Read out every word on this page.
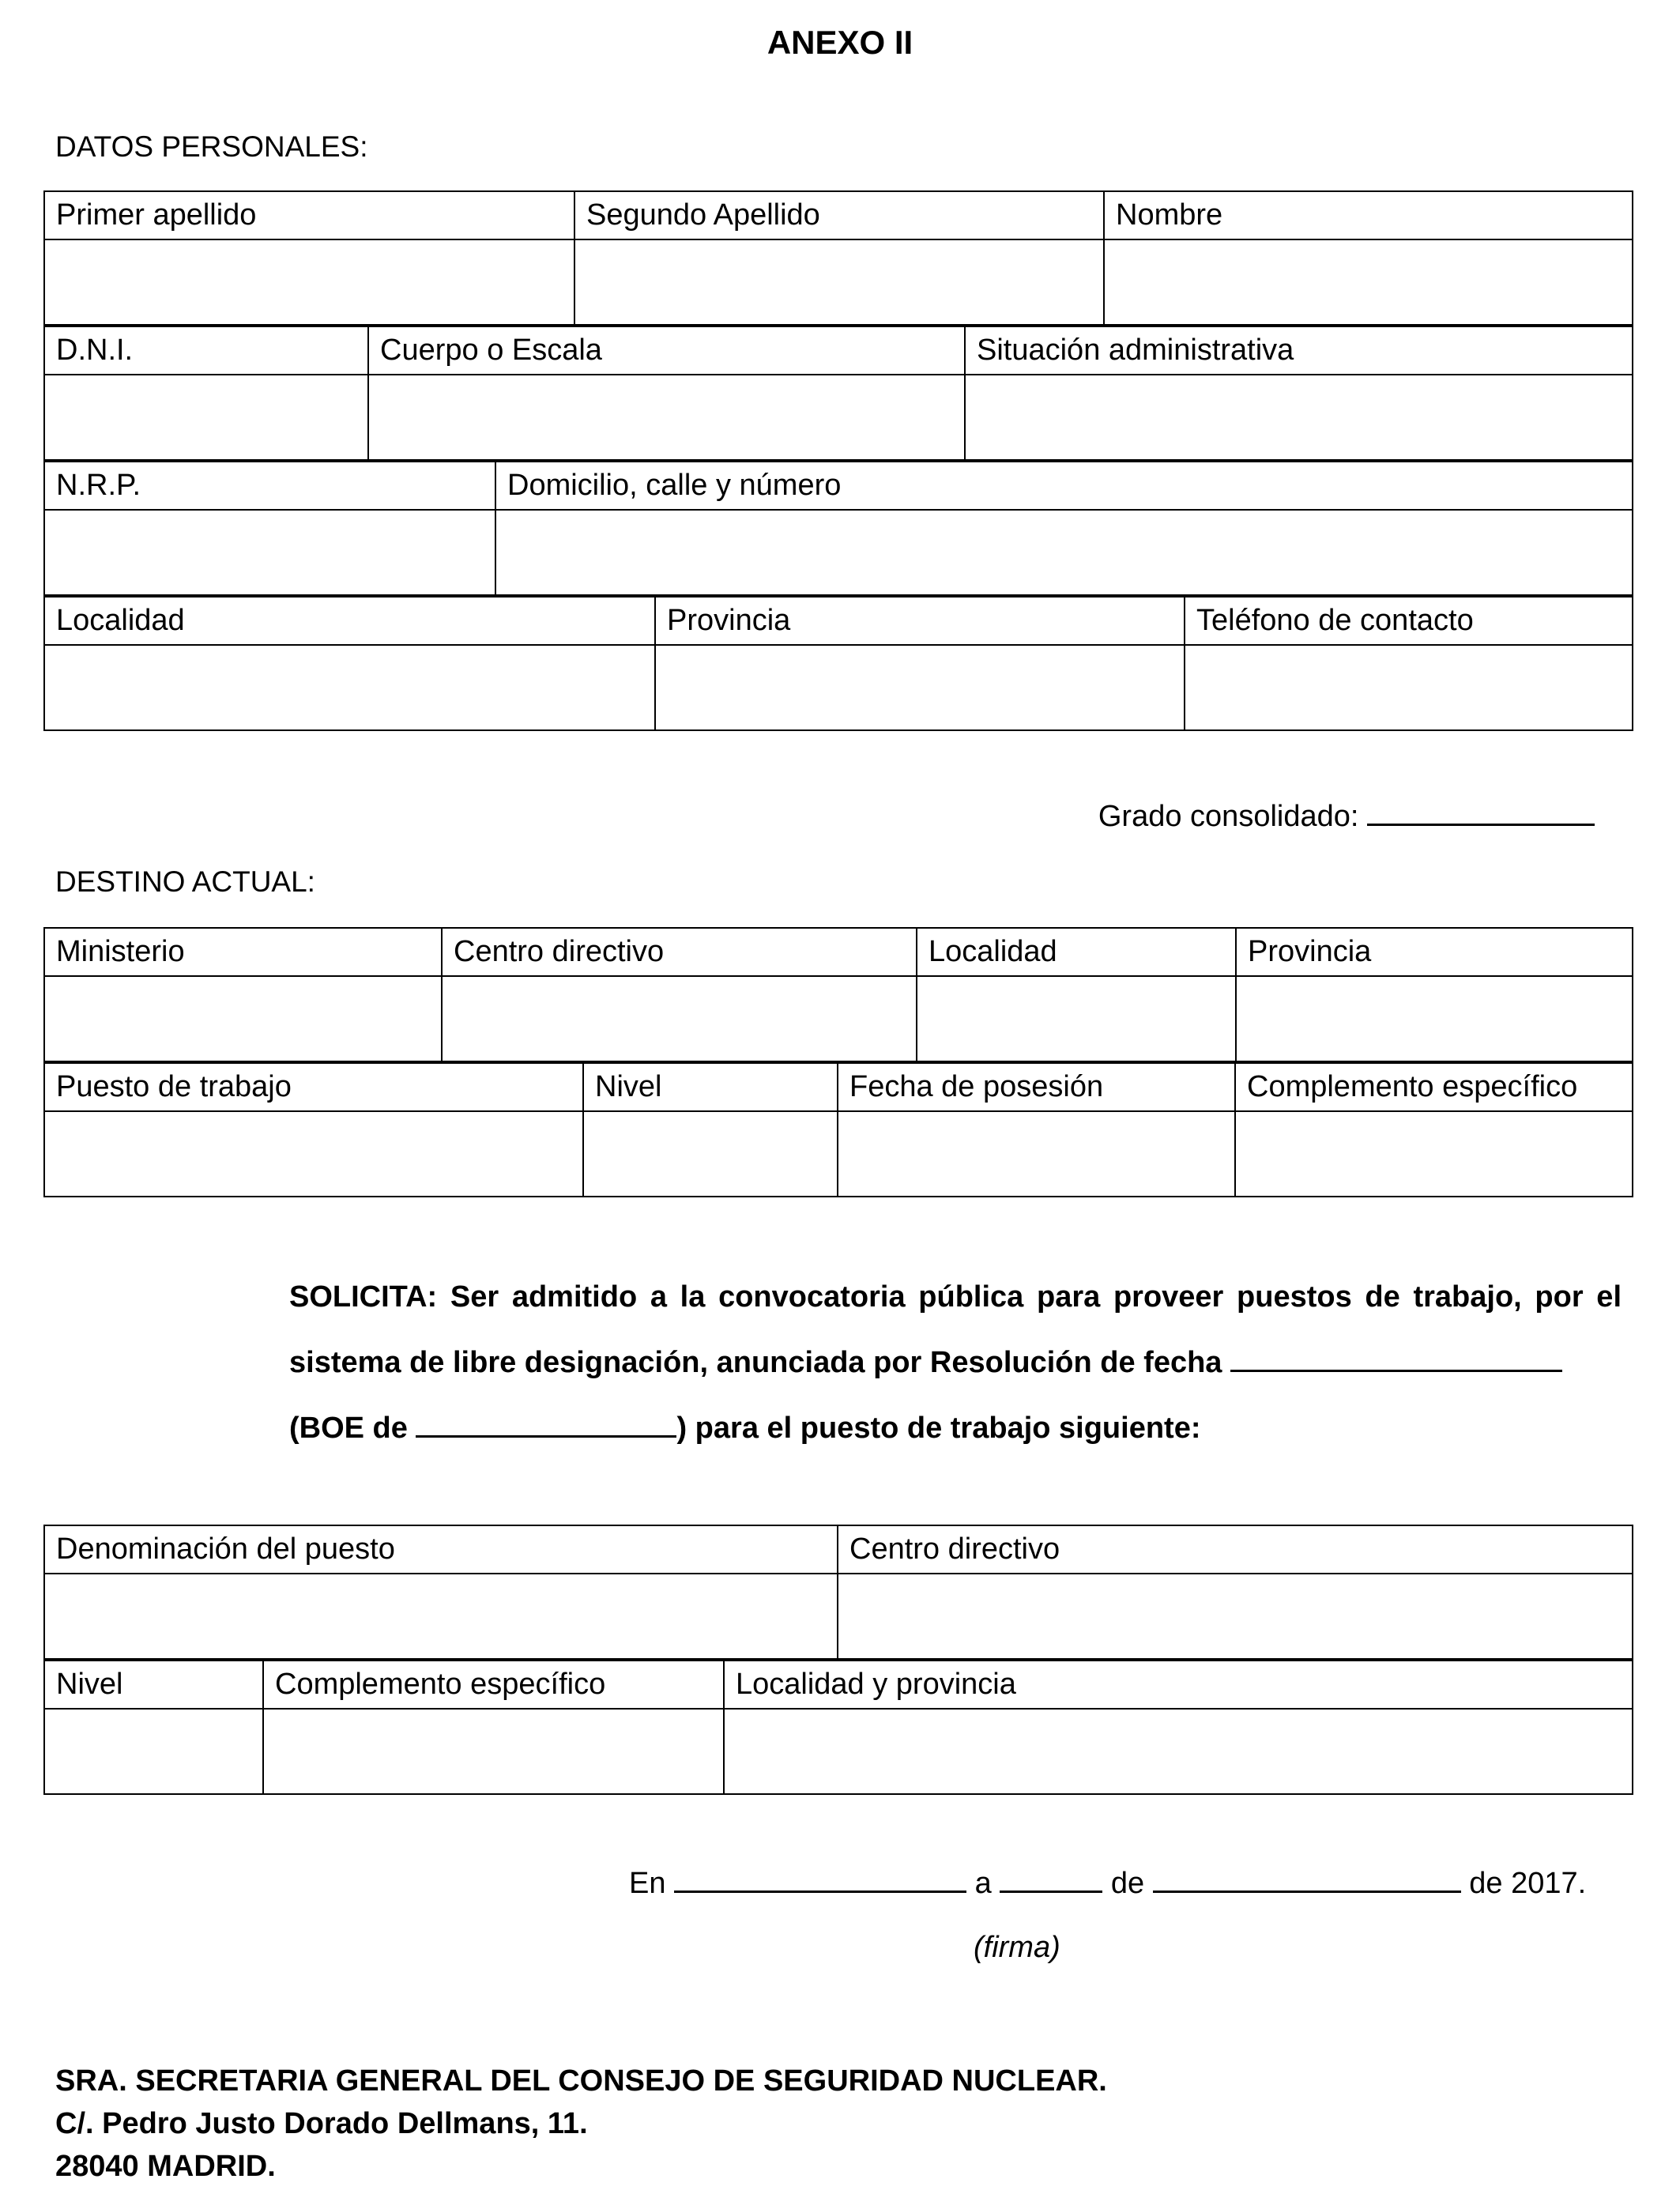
ANEXO II
DATOS PERSONALES:
Primer apellido	Segundo Apellido	Nombre

D.N.I.	Cuerpo o Escala	Situación administrativa

N.R.P.	Domicilio, calle y número

Localidad	Provincia	Teléfono de contacto

Grado consolidado:
DESTINO ACTUAL:
Ministerio	Centro directivo	Localidad	Provincia

Puesto de trabajo	Nivel	Fecha de posesión	Complemento específico

SOLICITA: Ser admitido a la convocatoria pública para proveer puestos de trabajo, por el sistema de libre designación, anunciada por Resolución de fecha
(BOE de	) para el puesto de trabajo siguiente:
Denominación del puesto	Centro directivo

Nivel	Complemento específico	Localidad y provincia

En	a	de	de 2017.
(firma)
SRA. SECRETARIA GENERAL DEL CONSEJO DE SEGURIDAD NUCLEAR.
C/. Pedro Justo Dorado Dellmans, 11.
28040 MADRID.
